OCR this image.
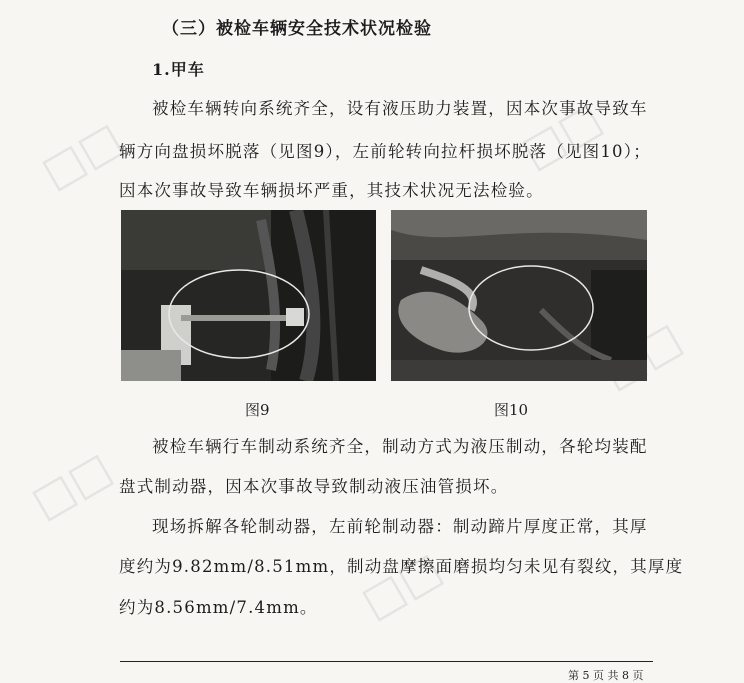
□□	□□
□□
□□
（三）被检车辆安全技术状况检验
1.甲车
被检车辆转向系统齐全，设有液压助力装置，因本次事故导致车
辆方向盘损坏脱落（见图9），左前轮转向拉杆损坏脱落（见图10）；
因本次事故导致车辆损坏严重，其技术状况无法检验。
图9	图10
被检车辆行车制动系统齐全，制动方式为液压制动，各轮均装配
盘式制动器，因本次事故导致制动液压油管损坏。
现场拆解各轮制动器，左前轮制动器：制动蹄片厚度正常，其厚
度约为9.82mm/8.51mm，制动盘摩擦面磨损均匀未见有裂纹，其厚度
约为8.56mm/7.4mm。
第 5 页 共 8 页
